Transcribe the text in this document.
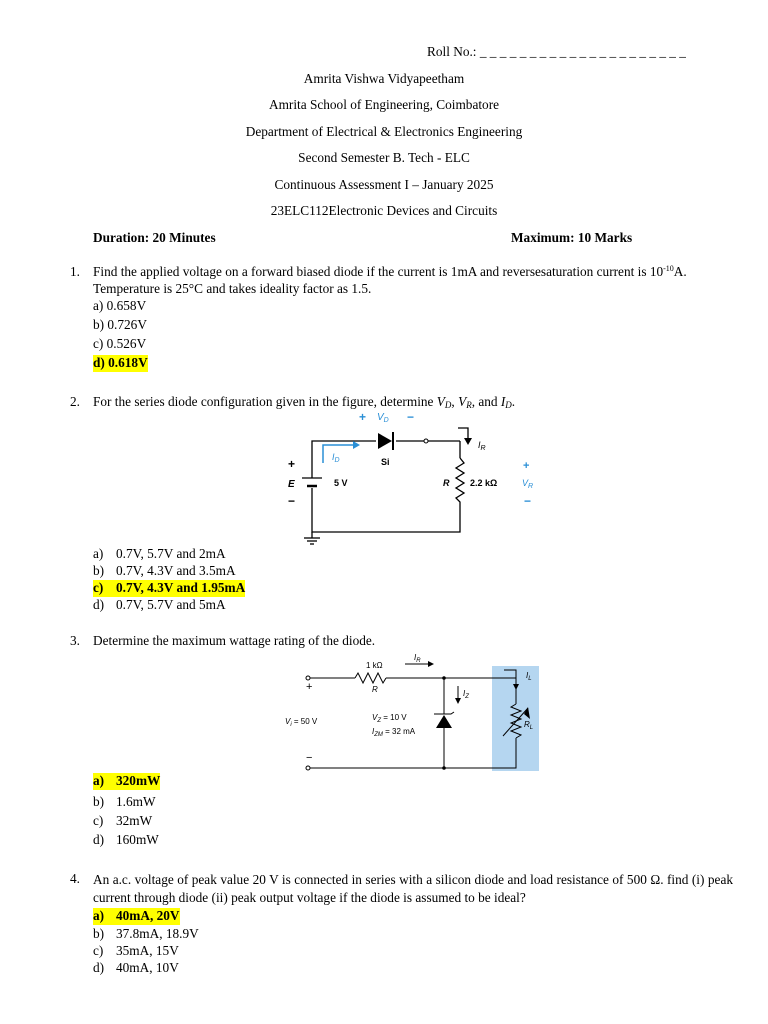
Roll No.: _ _ _ _ _ _ _ _ _ _ _ _ _ _ _ _ _ _ _ _ _
Amrita Vishwa Vidyapeetham
Amrita School of Engineering, Coimbatore
Department of Electrical & Electronics Engineering
Second Semester B. Tech - ELC
Continuous Assessment I – January 2025
23ELC112Electronic Devices and Circuits
Duration: 20 Minutes	Maximum: 10 Marks
1. Find the applied voltage on a forward biased diode if the current is 1mA and reversesaturation current is $10^{-10}A$. Temperature is 25°C and takes ideality factor as 1.5.
a) 0.658V
b) 0.726V
c) 0.526V
d) 0.618V
2. For the series diode configuration given in the figure, determine $V_D$, $V_R$, and $I_D$.
+ $V_D$ −
Si
$I_D$
$I_R$
+
E
−
5 V	R 2.2 kΩ
+
$V_R$
−
a) 0.7V, 5.7V and 2mA
b) 0.7V, 4.3V and 3.5mA
c) 0.7V, 4.3V and 1.95mA
d) 0.7V, 5.7V and 5mA
3. Determine the maximum wattage rating of the diode.
1 kΩ
R
$I_R$
$I_Z$
$I_L$
$R_L$
+
−
$V_i = 50$ V	$V_Z = 10$ V
$I_{ZM} = 32$ mA
a) 320mW
b) 1.6mW
c) 32mW
d) 160mW
4. An a.c. voltage of peak value 20 V is connected in series with a silicon diode and load resistance of 500 Ω. find (i) peak current through diode (ii) peak output voltage if the diode is assumed to be ideal?
a) 40mA, 20V
b) 37.8mA, 18.9V
c) 35mA, 15V
d) 40mA, 10V
